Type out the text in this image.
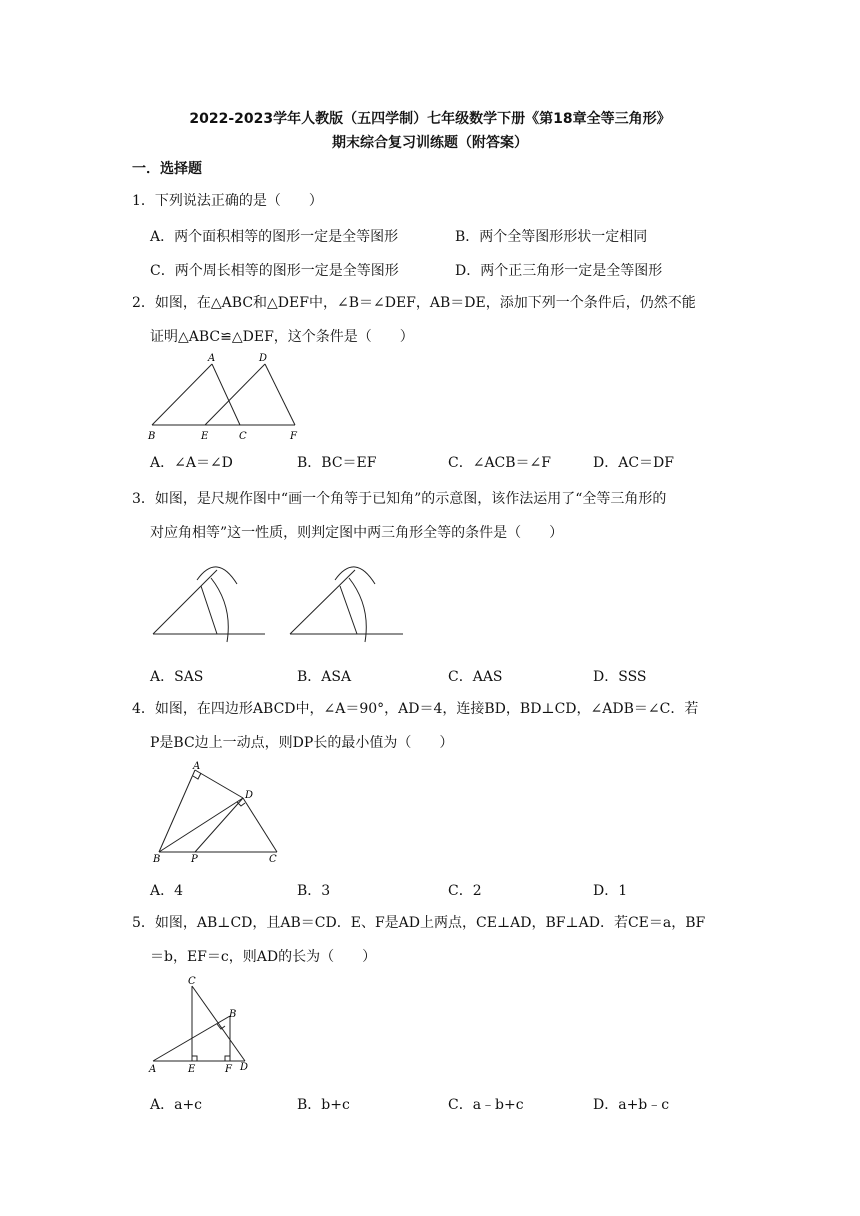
2022-2023学年人教版（五四学制）七年级数学下册《第18章全等三角形》
期末综合复习训练题（附答案）
一．选择题
1．下列说法正确的是（　　）
A．两个面积相等的图形一定是全等图形	B．两个全等图形形状一定相同
C．两个周长相等的图形一定是全等图形	D．两个正三角形一定是全等图形
2．如图，在△ABC和△DEF中，∠B＝∠DEF，AB＝DE，添加下列一个条件后，仍然不能
证明△ABC≌△DEF，这个条件是（　　）
A	D
B	E	C	F
A．∠A＝∠D	B．BC＝EF	C．∠ACB＝∠F	D．AC＝DF
3．如图，是尺规作图中“画一个角等于已知角”的示意图，该作法运用了“全等三角形的
对应角相等”这一性质，则判定图中两三角形全等的条件是（　　）
A．SAS	B．ASA	C．AAS	D．SSS
4．如图，在四边形ABCD中，∠A＝90°，AD＝4，连接BD，BD⊥CD，∠ADB＝∠C．若
P是BC边上一动点，则DP长的最小值为（　　）
A
D
B	P	C
A．4	B．3	C．2	D．1
5．如图，AB⊥CD，且AB＝CD．E、F是AD上两点，CE⊥AD，BF⊥AD．若CE＝a，BF
＝b，EF＝c，则AD的长为（　　）
C
B
A	E	F D
A．a+c	B．b+c	C．a﹣b+c	D．a+b﹣c
